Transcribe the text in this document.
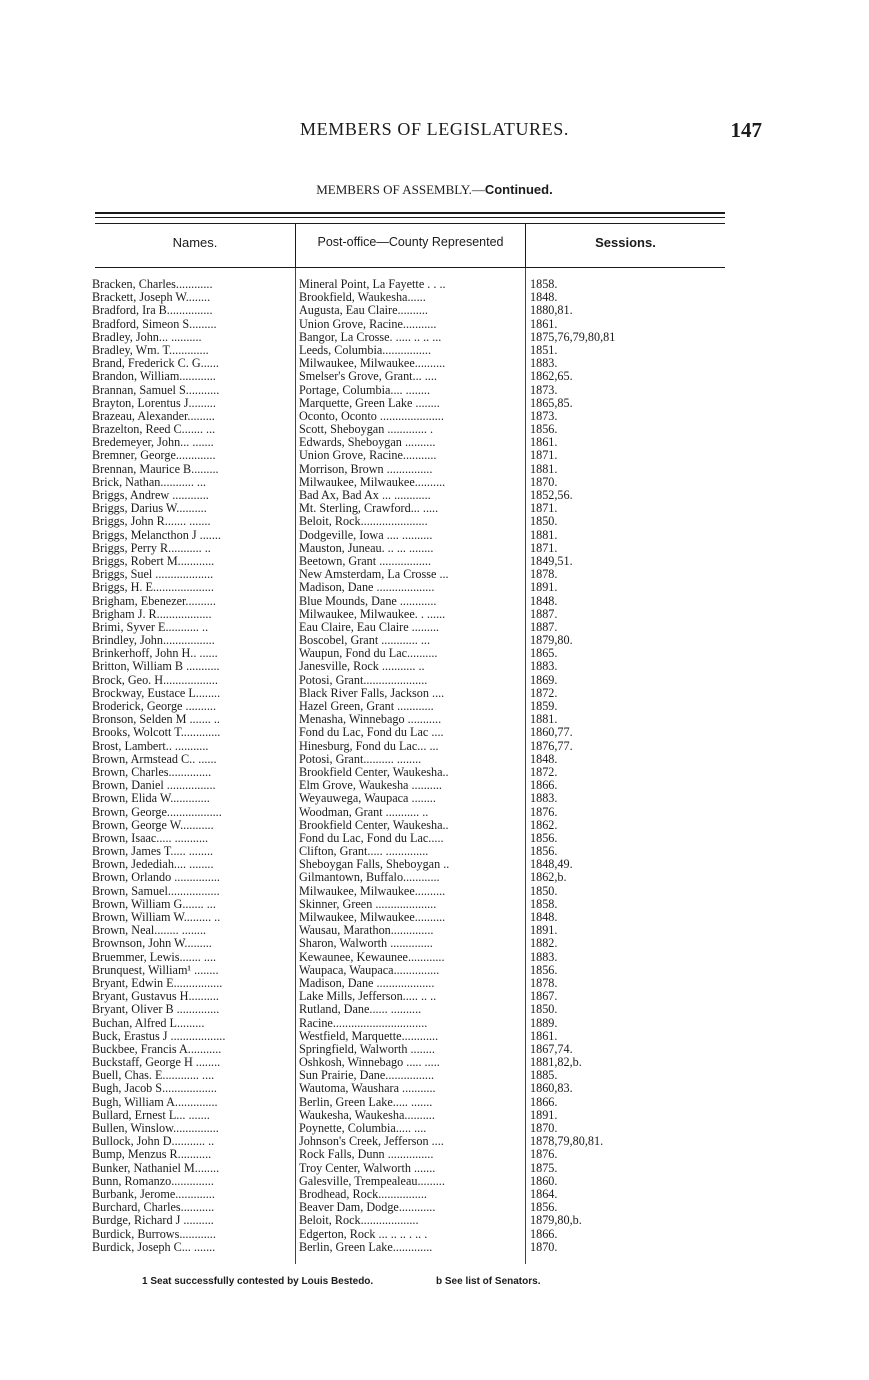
MEMBERS OF LEGISLATURES.	147
MEMBERS OF ASSEMBLY.—Continued.
Names.	Post-office—County Represented	Sessions.
Bracken, Charles............	Mineral Point, La Fayette . . ..	1858.
Brackett, Joseph W........	Brookfield, Waukesha......	1848.
Bradford, Ira B...............	Augusta, Eau Claire..........	1880,81.
Bradford, Simeon S.........	Union Grove, Racine...........	1861.
Bradley, John... ..........	Bangor, La Crosse. ..... .. .. ...	1875,76,79,80,81
Bradley, Wm. T.............	Leeds, Columbia................	1851.
Brand, Frederick C. G......	Milwaukee, Milwaukee..........	1883.
Brandon, William............	Smelser's Grove, Grant... ....	1862,65.
Brannan, Samuel S...........	Portage, Columbia.... ........	1873.
Brayton, Lorentus J.........	Marquette, Green Lake ........	1865,85.
Brazeau, Alexander.........	Oconto, Oconto .....................	1873.
Brazelton, Reed C....... ...	Scott, Sheboygan ............. .	1856.
Bredemeyer, John... .......	Edwards, Sheboygan ..........	1861.
Bremner, George.............	Union Grove, Racine...........	1871.
Brennan, Maurice B.........	Morrison, Brown ...............	1881.
Brick, Nathan........... ...	Milwaukee, Milwaukee..........	1870.
Briggs, Andrew ............	Bad Ax, Bad Ax ... ............	1852,56.
Briggs, Darius W..........	Mt. Sterling, Crawford... .....	1871.
Briggs, John R....... .......	Beloit, Rock......................	1850.
Briggs, Melancthon J .......	Dodgeville, Iowa .... ..........	1881.
Briggs, Perry R........... ..	Mauston, Juneau. .. ... ........	1871.
Briggs, Robert M............	Beetown, Grant .................	1849,51.
Briggs, Suel ...................	New Amsterdam, La Crosse ...	1878.
Briggs, H. E....................	Madison, Dane ...................	1891.
Brigham, Ebenezer..........	Blue Mounds, Dane ............	1848.
Brigham J. R..................	Milwaukee, Milwaukee. . ......	1887.
Brimi, Syver E........... ..	Eau Claire, Eau Claire .........	1887.
Brindley, John.................	Boscobel, Grant ............ ...	1879,80.
Brinkerhoff, John H.. ......	Waupun, Fond du Lac..........	1865.
Britton, William B ...........	Janesville, Rock ........... ..	1883.
Brock, Geo. H..................	Potosi, Grant.....................	1869.
Brockway, Eustace L........	Black River Falls, Jackson ....	1872.
Broderick, George ..........	Hazel Green, Grant ............	1859.
Bronson, Selden M ....... ..	Menasha, Winnebago ...........	1881.
Brooks, Wolcott T.............	Fond du Lac, Fond du Lac ....	1860,77.
Brost, Lambert.. ...........	Hinesburg, Fond du Lac... ...	1876,77.
Brown, Armstead C.. ......	Potosi, Grant.......... ........	1848.
Brown, Charles..............	Brookfield Center, Waukesha..	1872.
Brown, Daniel ................	Elm Grove, Waukesha ..........	1866.
Brown, Elida W.............	Weyauwega, Waupaca ........	1883.
Brown, George..................	Woodman, Grant ........... ..	1876.
Brown, George W...........	Brookfield Center, Waukesha..	1862.
Brown, Isaac..... ...........	Fond du Lac, Fond du Lac.....	1856.
Brown, James T..... ........	Clifton, Grant..... ..............	1856.
Brown, Jedediah.... ........	Sheboygan Falls, Sheboygan ..	1848,49.
Brown, Orlando ...............	Gilmantown, Buffalo............	1862,b.
Brown, Samuel.................	Milwaukee, Milwaukee..........	1850.
Brown, William G....... ...	Skinner, Green ....................	1858.
Brown, William W......... ..	Milwaukee, Milwaukee..........	1848.
Brown, Neal........ ........	Wausau, Marathon..............	1891.
Brownson, John W.........	Sharon, Walworth ..............	1882.
Bruemmer, Lewis....... ....	Kewaunee, Kewaunee............	1883.
Brunquest, William¹ ........	Waupaca, Waupaca...............	1856.
Bryant, Edwin E................	Madison, Dane ...................	1878.
Bryant, Gustavus H..........	Lake Mills, Jefferson..... .. ..	1867.
Bryant, Oliver B ..............	Rutland, Dane...... ..........	1850.
Buchan, Alfred L.........	Racine...............................	1889.
Buck, Erastus J ..................	Westfield, Marquette............	1861.
Buckbee, Francis A...........	Springfield, Walworth ........	1867,74.
Buckstaff, George H ........	Oshkosh, Winnebago ..... .....	1881,82,b.
Buell, Chas. E............ ....	Sun Prairie, Dane................	1885.
Bugh, Jacob S..................	Wautoma, Waushara ...........	1860,83.
Bugh, William A..............	Berlin, Green Lake..... .......	1866.
Bullard, Ernest L... .......	Waukesha, Waukesha..........	1891.
Bullen, Winslow...............	Poynette, Columbia..... ....	1870.
Bullock, John D........... ..	Johnson's Creek, Jefferson ....	1878,79,80,81.
Bump, Menzus R...........	Rock Falls, Dunn ...............	1876.
Bunker, Nathaniel M........	Troy Center, Walworth .......	1875.
Bunn, Romanzo..............	Galesville, Trempealeau.........	1860.
Burbank, Jerome.............	Brodhead, Rock................	1864.
Burchard, Charles...........	Beaver Dam, Dodge............	1856.
Burdge, Richard J ..........	Beloit, Rock...................	1879,80,b.
Burdick, Burrows............	Edgerton, Rock ... .. .. . .. .	1866.
Burdick, Joseph C... .......	Berlin, Green Lake.............	1870.
1 Seat successfully contested by Louis Bestedo.	b See list of Senators.
